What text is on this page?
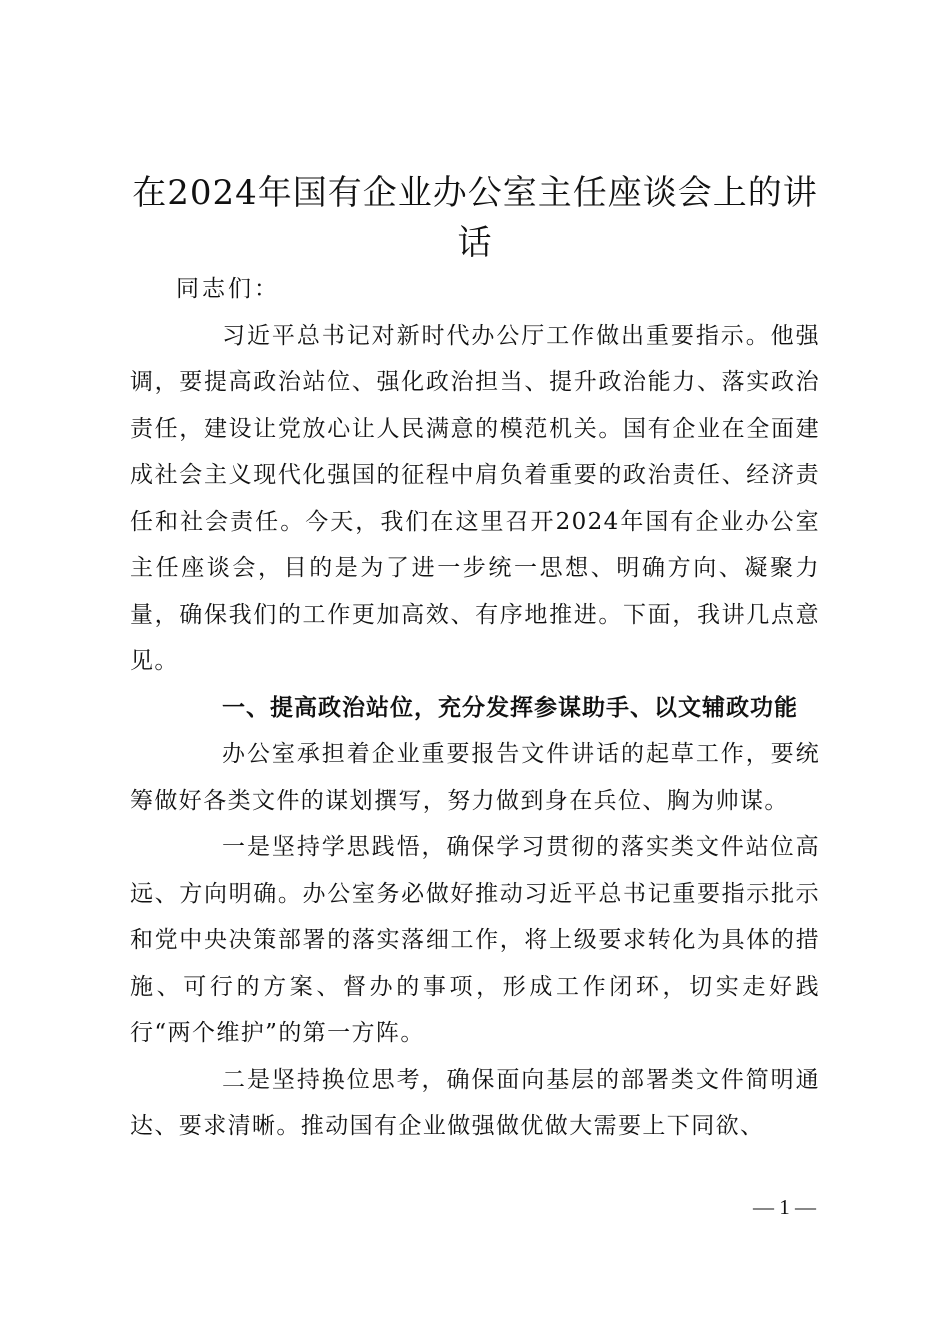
在2024年国有企业办公室主任座谈会上的讲话

同志们：

习近平总书记对新时代办公厅工作做出重要指示。他强调，要提高政治站位、强化政治担当、提升政治能力、落实政治责任，建设让党放心让人民满意的模范机关。国有企业在全面建成社会主义现代化强国的征程中肩负着重要的政治责任、经济责任和社会责任。今天，我们在这里召开2024年国有企业办公室主任座谈会，目的是为了进一步统一思想、明确方向、凝聚力量，确保我们的工作更加高效、有序地推进。下面，我讲几点意见。

一、提高政治站位，充分发挥参谋助手、以文辅政功能

办公室承担着企业重要报告文件讲话的起草工作，要统筹做好各类文件的谋划撰写，努力做到身在兵位、胸为帅谋。

一是坚持学思践悟，确保学习贯彻的落实类文件站位高远、方向明确。办公室务必做好推动习近平总书记重要指示批示和党中央决策部署的落实落细工作，将上级要求转化为具体的措施、可行的方案、督办的事项，形成工作闭环，切实走好践行“两个维护”的第一方阵。

二是坚持换位思考，确保面向基层的部署类文件简明通达、要求清晰。推动国有企业做强做优做大需要上下同欲、

— 1 —
